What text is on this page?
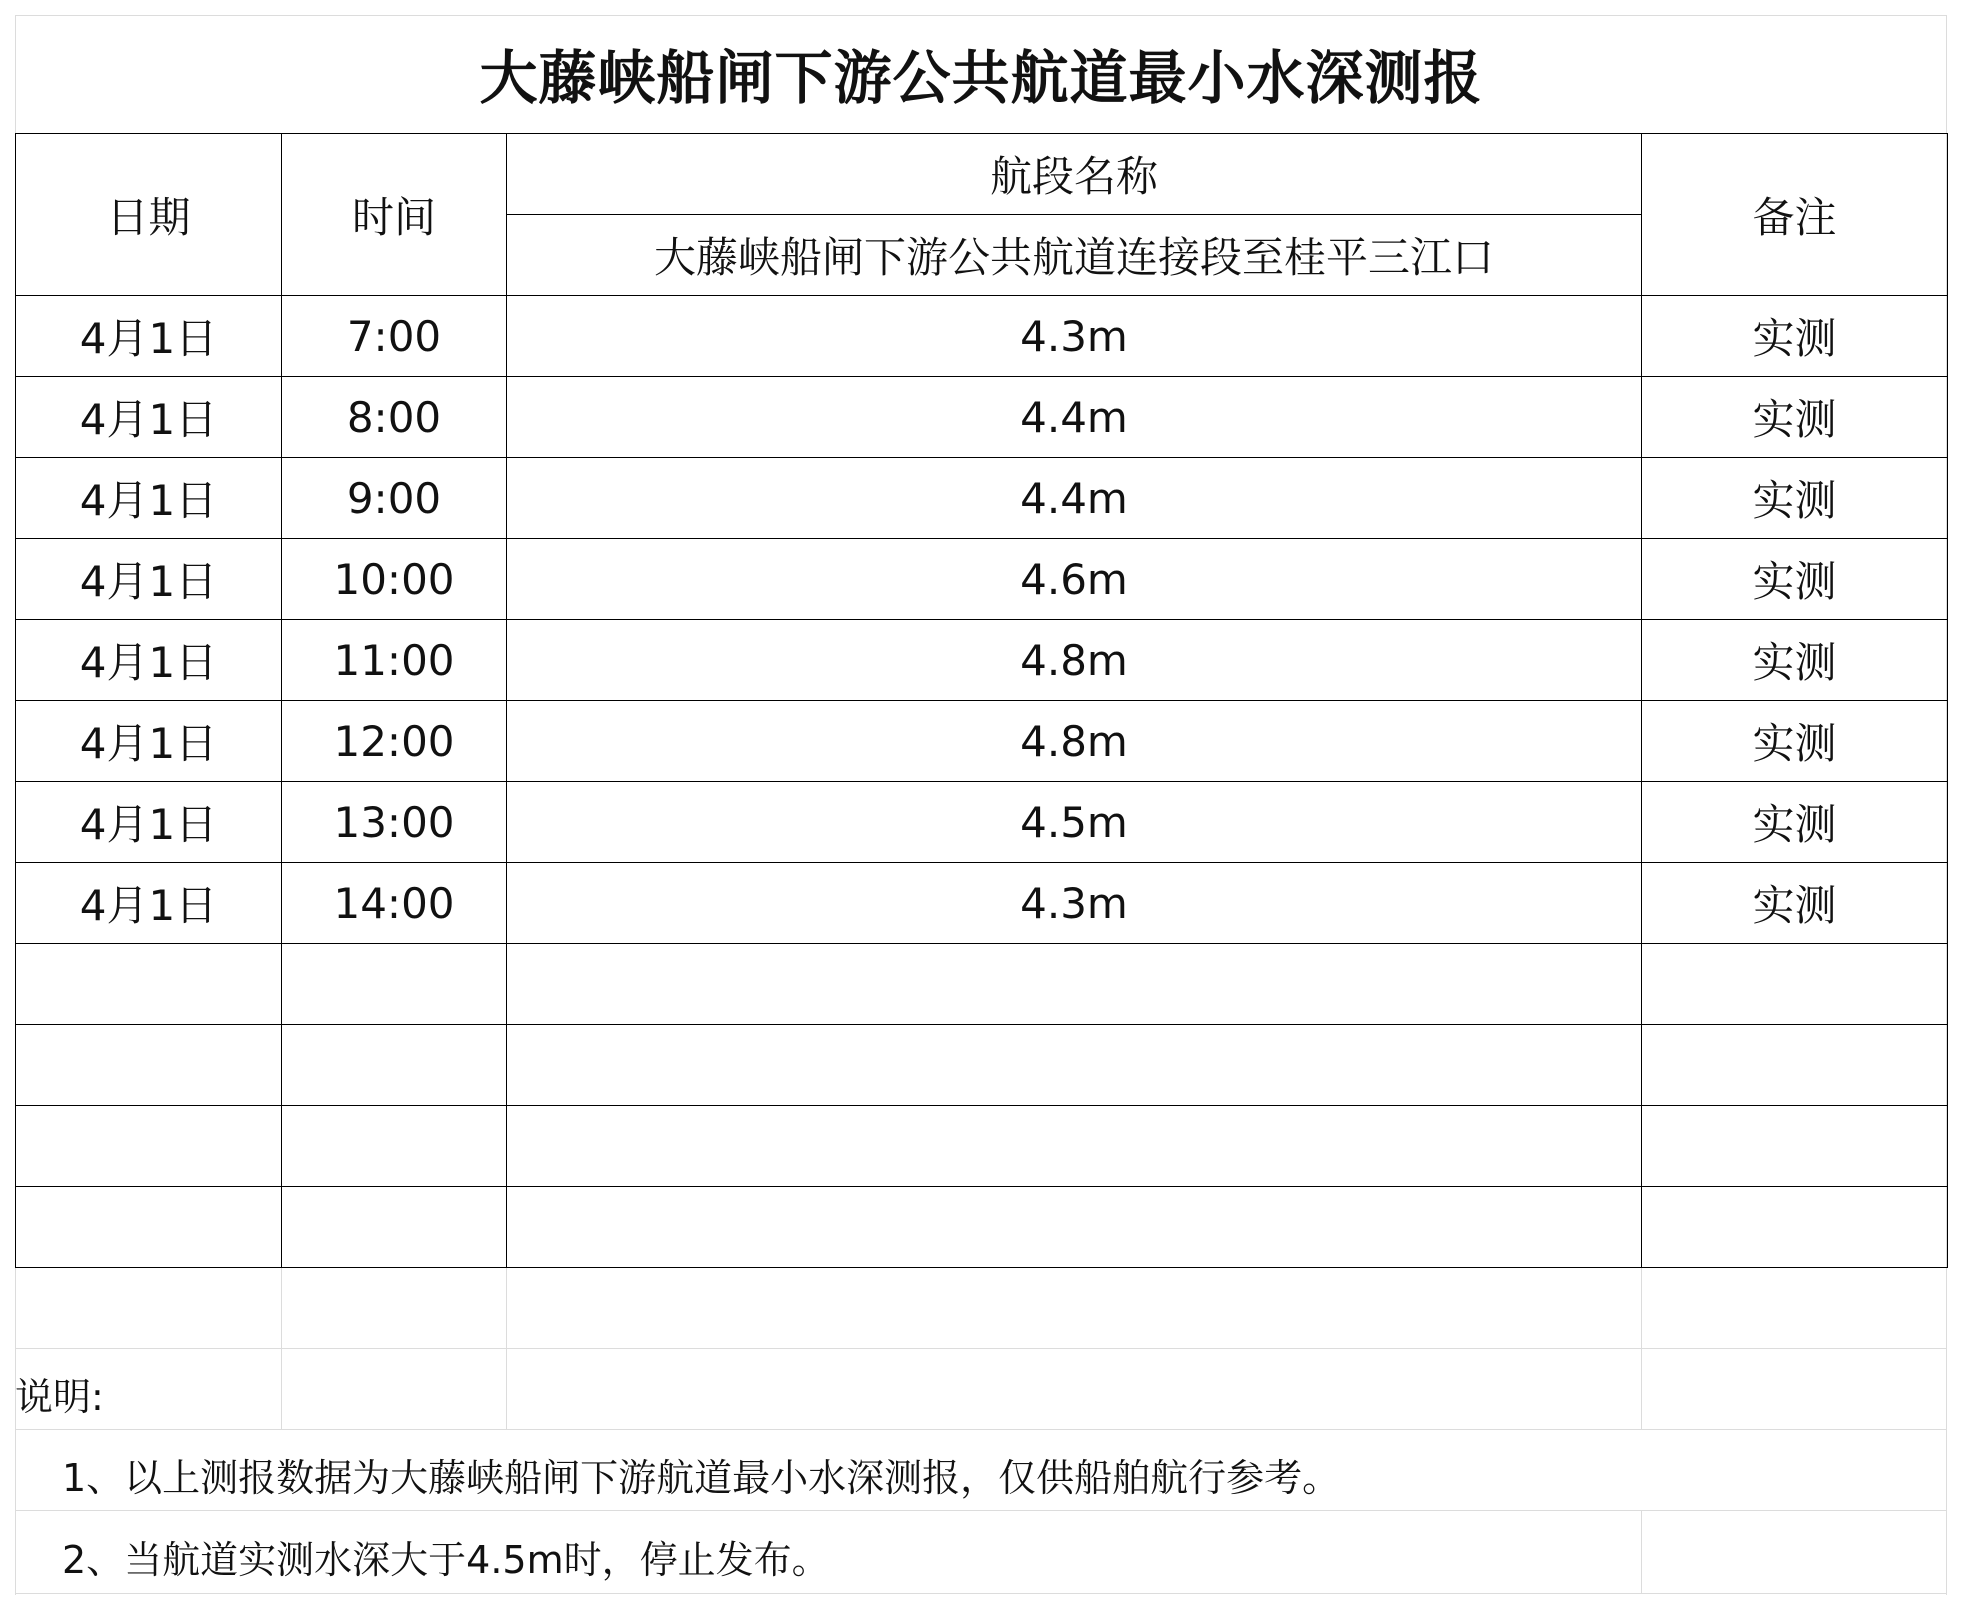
大藤峡船闸下游公共航道最小水深测报
日期	时间	航段名称	备注
		大藤峡船闸下游公共航道连接段至桂平三江口	
4月1日	7:00	4.3m	实测
4月1日	8:00	4.4m	实测
4月1日	9:00	4.4m	实测
4月1日	10:00	4.6m	实测
4月1日	11:00	4.8m	实测
4月1日	12:00	4.8m	实测
4月1日	13:00	4.5m	实测
4月1日	14:00	4.3m	实测

说明:
1、以上测报数据为大藤峡船闸下游航道最小水深测报，仅供船舶航行参考。
2、当航道实测水深大于4.5m时，停止发布。
